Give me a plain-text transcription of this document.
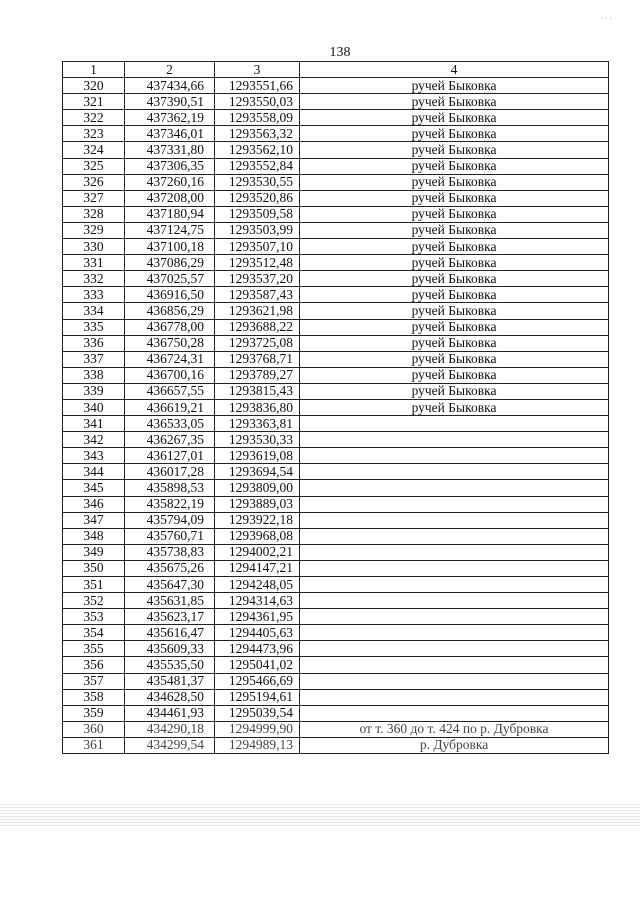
· · ·
138
1	2	3	4
320	437434,66	1293551,66	ручей Быковка
321	437390,51	1293550,03	ручей Быковка
322	437362,19	1293558,09	ручей Быковка
323	437346,01	1293563,32	ручей Быковка
324	437331,80	1293562,10	ручей Быковка
325	437306,35	1293552,84	ручей Быковка
326	437260,16	1293530,55	ручей Быковка
327	437208,00	1293520,86	ручей Быковка
328	437180,94	1293509,58	ручей Быковка
329	437124,75	1293503,99	ручей Быковка
330	437100,18	1293507,10	ручей Быковка
331	437086,29	1293512,48	ручей Быковка
332	437025,57	1293537,20	ручей Быковка
333	436916,50	1293587,43	ручей Быковка
334	436856,29	1293621,98	ручей Быковка
335	436778,00	1293688,22	ручей Быковка
336	436750,28	1293725,08	ручей Быковка
337	436724,31	1293768,71	ручей Быковка
338	436700,16	1293789,27	ручей Быковка
339	436657,55	1293815,43	ручей Быковка
340	436619,21	1293836,80	ручей Быковка
341	436533,05	1293363,81	
342	436267,35	1293530,33	
343	436127,01	1293619,08	
344	436017,28	1293694,54	
345	435898,53	1293809,00	
346	435822,19	1293889,03	
347	435794,09	1293922,18	
348	435760,71	1293968,08	
349	435738,83	1294002,21	
350	435675,26	1294147,21	
351	435647,30	1294248,05	
352	435631,85	1294314,63	
353	435623,17	1294361,95	
354	435616,47	1294405,63	
355	435609,33	1294473,96	
356	435535,50	1295041,02	
357	435481,37	1295466,69	
358	434628,50	1295194,61	
359	434461,93	1295039,54	
360	434290,18	1294999,90	от т. 360 до т. 424 по р. Дубровка
361	434299,54	1294989,13	р. Дубровка
